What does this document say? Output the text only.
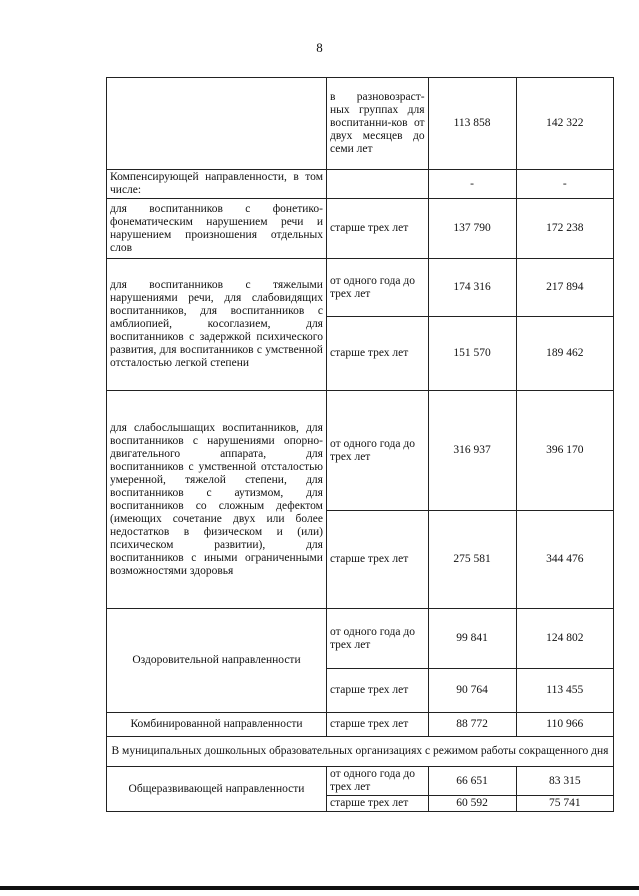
8
	в разновозраст-ных группах для воспитанни-ков от двух месяцев до семи лет	113 858	142 322
Компенсирующей направленности, в том числе:		-	-
для воспитанников с фонетико-фонематическим нарушением речи и нарушением произношения отдельных слов	старше трех лет	137 790	172 238
для воспитанников с тяжелыми нарушениями речи, для слабовидящих воспитанников, для воспитанников с амблиопией, косоглазием, для воспитанников с задержкой психического развития, для воспитанников с умственной отсталостью легкой степени	от одного года до трех лет	174 316	217 894
	старше трех лет	151 570	189 462
для слабослышащих воспитанников, для воспитанников с нарушениями опорно-двигательного аппарата, для воспитанников с умственной отсталостью умеренной, тяжелой степени, для воспитанников с аутизмом, для воспитанников со сложным дефектом (имеющих сочетание двух или более недостатков в физическом и (или) психическом развитии), для воспитанников с иными ограниченными возможностями здоровья	от одного года до трех лет	316 937	396 170
	старше трех лет	275 581	344 476
Оздоровительной направленности	от одного года до трех лет	99 841	124 802
	старше трех лет	90 764	113 455
Комбинированной направленности	старше трех лет	88 772	110 966
В муниципальных дошкольных образовательных организациях с режимом работы сокращенного дня			
Общеразвивающей направленности	от одного года до трех лет	66 651	83 315
	старше трех лет	60 592	75 741
